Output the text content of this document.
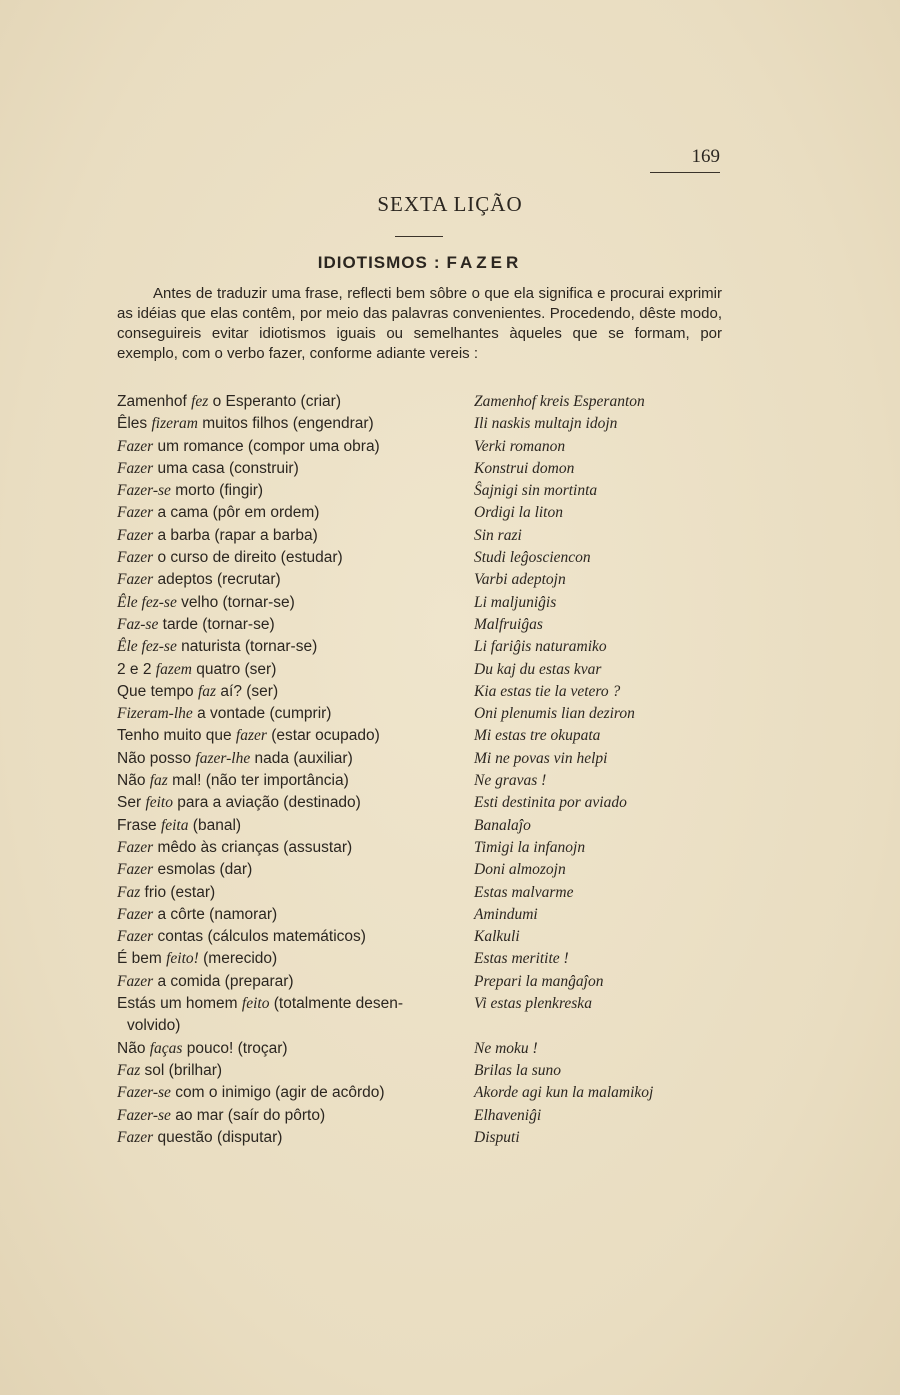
169
SEXTA LIÇÃO
IDIOTISMOS : FAZER
Antes de traduzir uma frase, reflecti bem sôbre o que ela significa e procurai exprimir as idéias que elas contêm, por meio das palavras convenientes. Procedendo, dêste modo, conseguireis evitar idiotismos iguais ou semelhantes àqueles que se formam, por exemplo, com o verbo fazer, conforme adiante vereis :
Zamenhof fez o Esperanto (criar)
Êles fizeram muitos filhos (engendrar)
Fazer um romance (compor uma obra)
Fazer uma casa (construir)
Fazer-se morto (fingir)
Fazer a cama (pôr em ordem)
Fazer a barba (rapar a barba)
Fazer o curso de direito (estudar)
Fazer adeptos (recrutar)
Êle fez-se velho (tornar-se)
Faz-se tarde (tornar-se)
Êle fez-se naturista (tornar-se)
2 e 2 fazem quatro (ser)
Que tempo faz aí? (ser)
Fizeram-lhe a vontade (cumprir)
Tenho muito que fazer (estar ocupado)
Não posso fazer-lhe nada (auxiliar)
Não faz mal! (não ter importância)
Ser feito para a aviação (destinado)
Frase feita (banal)
Fazer mêdo às crianças (assustar)
Fazer esmolas (dar)
Faz frio (estar)
Fazer a côrte (namorar)
Fazer contas (cálculos matemáticos)
É bem feito! (merecido)
Fazer a comida (preparar)
Estás um homem feito (totalmente desen-
volvido)
Não faças pouco! (troçar)
Faz sol (brilhar)
Fazer-se com o inimigo (agir de acôrdo)
Fazer-se ao mar (saír do pôrto)
Fazer questão (disputar)
Zamenhof kreis Esperanton
Ili naskis multajn idojn
Verki romanon
Konstrui domon
Ŝajnigi sin mortinta
Ordigi la liton
Sin razi
Studi leĝosciencon
Varbi adeptojn
Li maljuniĝis
Malfruiĝas
Li fariĝis naturamiko
Du kaj du estas kvar
Kia estas tie la vetero ?
Oni plenumis lian deziron
Mi estas tre okupata
Mi ne povas vin helpi
Ne gravas !
Esti destinita por aviado
Banalaĵo
Timigi la infanojn
Doni almozojn
Estas malvarme
Amindumi
Kalkuli
Estas meritite !
Prepari la manĝaĵon
Vi estas plenkreska
Ne moku !
Brilas la suno
Akorde agi kun la malamikoj
Elhaveniĝi
Disputi
